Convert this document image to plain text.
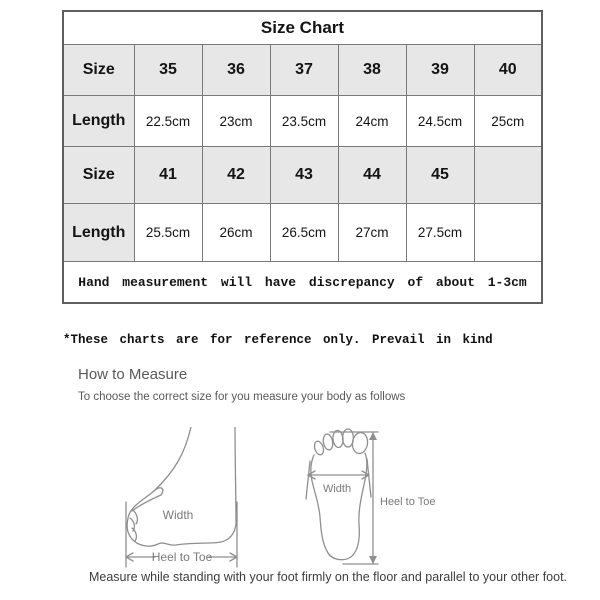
Size Chart						
Size	35	36	37	38	39	40
Length	22.5cm	23cm	23.5cm	24cm	24.5cm	25cm
Size	41	42	43	44	45	
Length	25.5cm	26cm	26.5cm	27cm	27.5cm	
Hand measurement will have discrepancy of about 1-3cm						
*These charts are for reference only. Prevail in kind
How to Measure
To choose the correct size for you measure your body as follows
Width
Heel to Toe
Width
Heel to Toe
Measure while standing with your foot firmly on the floor and parallel to your other foot.
